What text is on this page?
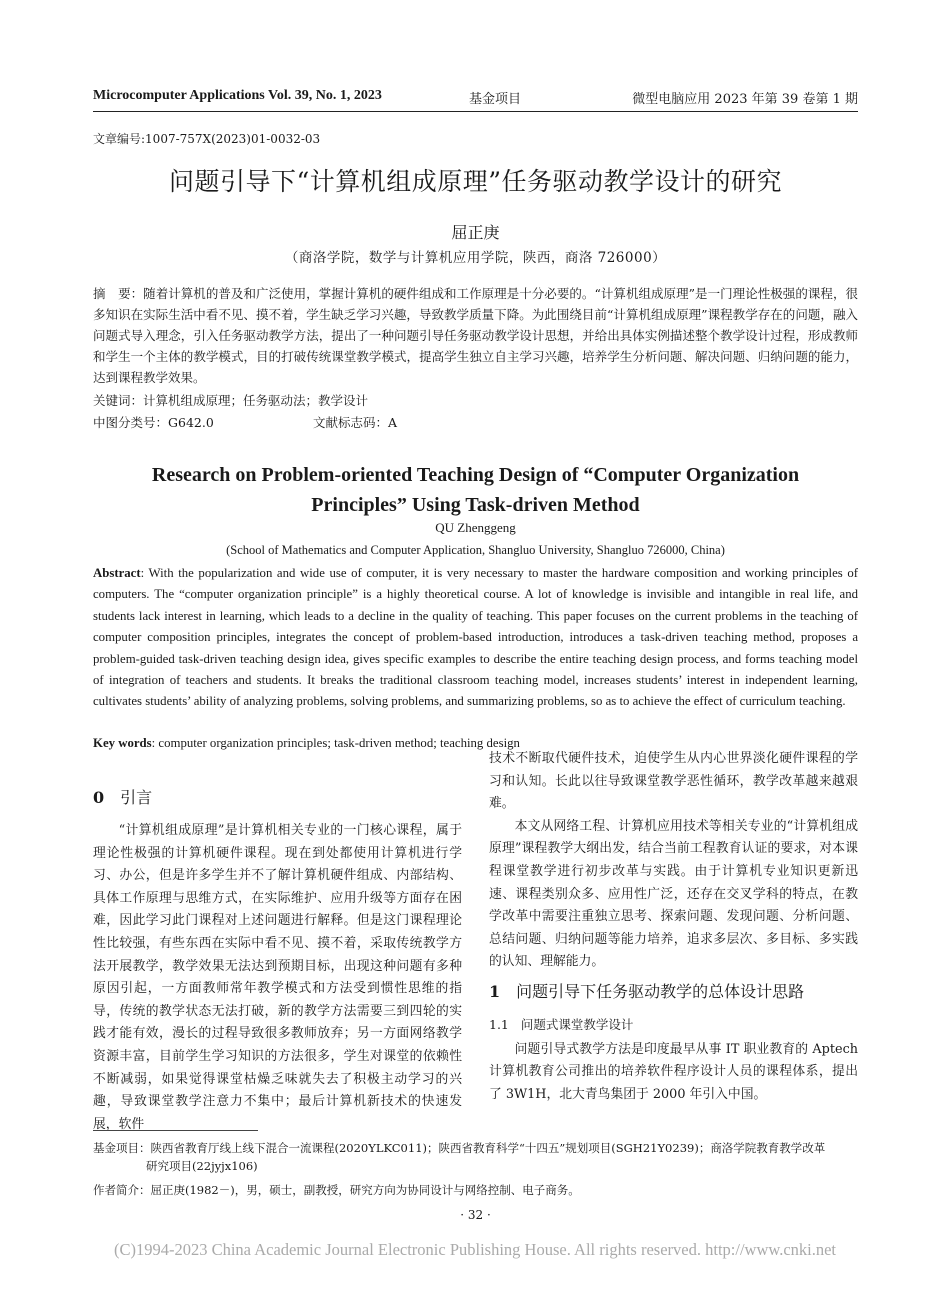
Microcomputer Applications Vol. 39, No. 1, 2023	基金项目	微型电脑应用 2023 年第 39 卷第 1 期
文章编号:1007-757X(2023)01-0032-03
问题引导下“计算机组成原理”任务驱动教学设计的研究
屈正庚
（商洛学院，数学与计算机应用学院，陕西，商洛 726000）
摘　要：随着计算机的普及和广泛使用，掌握计算机的硬件组成和工作原理是十分必要的。“计算机组成原理”是一门理论性极强的课程，很多知识在实际生活中看不见、摸不着，学生缺乏学习兴趣，导致教学质量下降。为此围绕目前“计算机组成原理”课程教学存在的问题，融入问题式导入理念，引入任务驱动教学方法，提出了一种问题引导任务驱动教学设计思想，并给出具体实例描述整个教学设计过程，形成教师和学生一个主体的教学模式，目的打破传统课堂教学模式，提高学生独立自主学习兴趣，培养学生分析问题、解决问题、归纳问题的能力，达到课程教学效果。
关键词：计算机组成原理；任务驱动法；教学设计
中图分类号：G642.0	文献标志码：A
Research on Problem-oriented Teaching Design of “Computer Organization
Principles” Using Task-driven Method
QU Zhenggeng
(School of Mathematics and Computer Application, Shangluo University, Shangluo 726000, China)
Abstract: With the popularization and wide use of computer, it is very necessary to master the hardware composition and working principles of computers. The “computer organization principle” is a highly theoretical course. A lot of knowledge is invisible and intangible in real life, and students lack interest in learning, which leads to a decline in the quality of teaching. This paper focuses on the current problems in the teaching of computer composition principles, integrates the concept of problem-based introduction, introduces a task-driven teaching method, proposes a problem-guided task-driven teaching design idea, gives specific examples to describe the entire teaching design process, and forms teaching model of integration of teachers and students. It breaks the traditional classroom teaching model, increases students’ interest in independent learning, cultivates students’ ability of analyzing problems, solving problems, and summarizing problems, so as to achieve the effect of curriculum teaching.
Key words: computer organization principles; task-driven method; teaching design
0 引言
“计算机组成原理”是计算机相关专业的一门核心课程，属于理论性极强的计算机硬件课程。现在到处都使用计算机进行学习、办公，但是许多学生并不了解计算机硬件组成、内部结构、具体工作原理与思维方式，在实际维护、应用升级等方面存在困难，因此学习此门课程对上述问题进行解释。但是这门课程理论性比较强，有些东西在实际中看不见、摸不着，采取传统教学方法开展教学，教学效果无法达到预期目标，出现这种问题有多种原因引起，一方面教师常年教学模式和方法受到惯性思维的指导，传统的教学状态无法打破，新的教学方法需要三到四轮的实践才能有效，漫长的过程导致很多教师放弃；另一方面网络教学资源丰富，目前学生学习知识的方法很多，学生对课堂的依赖性不断减弱，如果觉得课堂枯燥乏味就失去了积极主动学习的兴趣，导致课堂教学注意力不集中；最后计算机新技术的快速发展，软件
技术不断取代硬件技术，迫使学生从内心世界淡化硬件课程的学习和认知。长此以往导致课堂教学恶性循环，教学改革越来越艰难。
本文从网络工程、计算机应用技术等相关专业的“计算机组成原理”课程教学大纲出发，结合当前工程教育认证的要求，对本课程课堂教学进行初步改革与实践。由于计算机专业知识更新迅速、课程类别众多、应用性广泛，还存在交叉学科的特点，在教学改革中需要注重独立思考、探索问题、发现问题、分析问题、总结问题、归纳问题等能力培养，追求多层次、多目标、多实践的认知、理解能力。
1 问题引导下任务驱动教学的总体设计思路
1.1 问题式课堂教学设计
问题引导式教学方法是印度最早从事 IT 职业教育的 Aptech 计算机教育公司推出的培养软件程序设计人员的课程体系，提出了 3W1H，北大青鸟集团于 2000 年引入中国。
基金项目：陕西省教育厅线上线下混合一流课程(2020YLKC011)；陕西省教育科学“十四五”规划项目(SGH21Y0239)；商洛学院教育教学改革
研究项目(22jyjx106)
作者简介：屈正庚(1982－)，男，硕士，副教授，研究方向为协同设计与网络控制、电子商务。
· 32 ·
(C)1994-2023 China Academic Journal Electronic Publishing House. All rights reserved. http://www.cnki.net
